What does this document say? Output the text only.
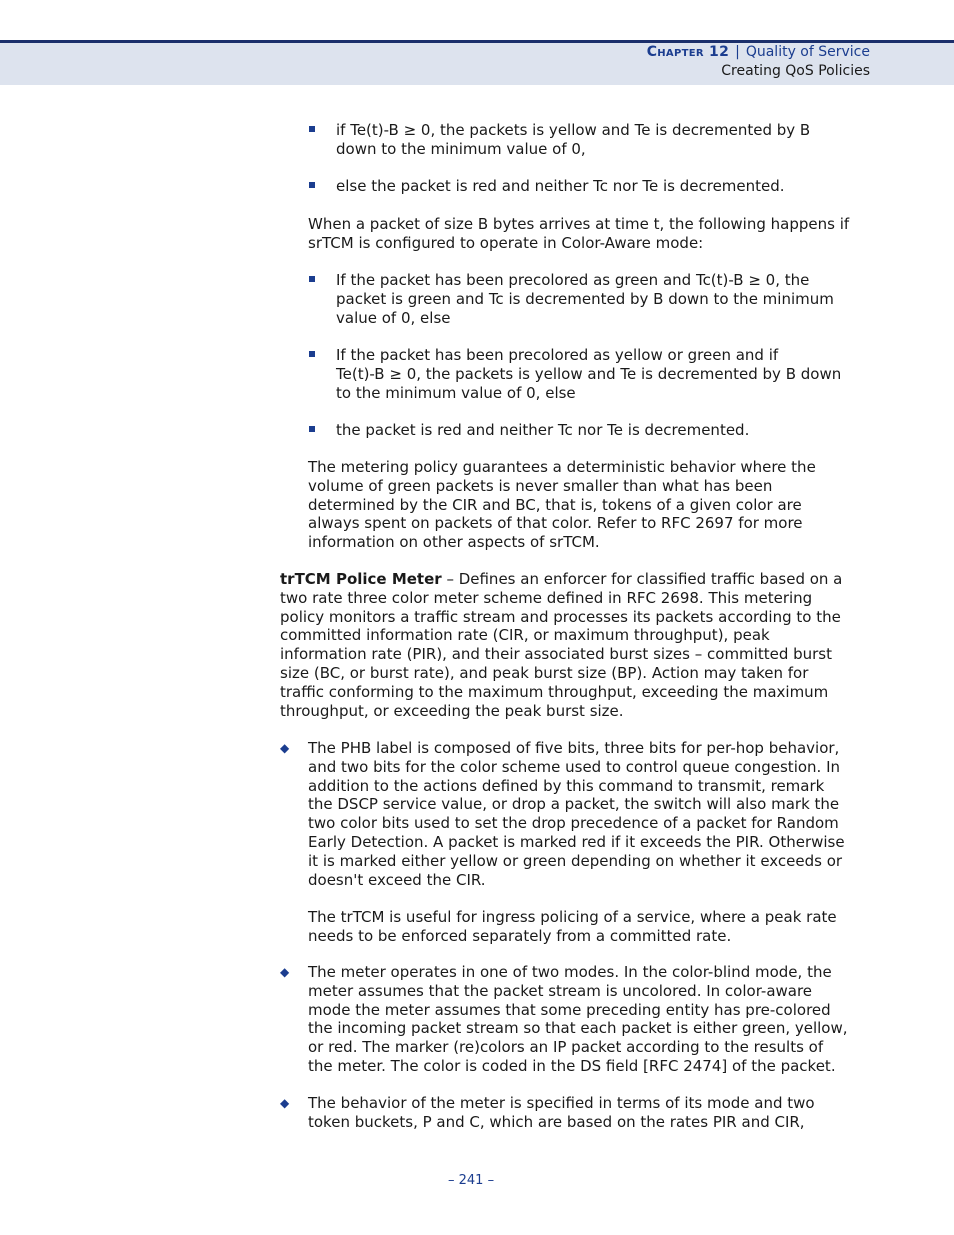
Chapter 12 | Quality of Service
Creating QoS Policies
if Te(t)-B ≥ 0, the packets is yellow and Te is decremented by B
down to the minimum value of 0,
else the packet is red and neither Tc nor Te is decremented.
When a packet of size B bytes arrives at time t, the following happens if
srTCM is configured to operate in Color-Aware mode:
If the packet has been precolored as green and Tc(t)-B ≥ 0, the
packet is green and Tc is decremented by B down to the minimum
value of 0, else
If the packet has been precolored as yellow or green and if
Te(t)-B ≥ 0, the packets is yellow and Te is decremented by B down
to the minimum value of 0, else
the packet is red and neither Tc nor Te is decremented.
The metering policy guarantees a deterministic behavior where the
volume of green packets is never smaller than what has been
determined by the CIR and BC, that is, tokens of a given color are
always spent on packets of that color. Refer to RFC 2697 for more
information on other aspects of srTCM.
trTCM Police Meter – Defines an enforcer for classified traffic based on a
two rate three color meter scheme defined in RFC 2698. This metering
policy monitors a traffic stream and processes its packets according to the
committed information rate (CIR, or maximum throughput), peak
information rate (PIR), and their associated burst sizes – committed burst
size (BC, or burst rate), and peak burst size (BP). Action may taken for
traffic conforming to the maximum throughput, exceeding the maximum
throughput, or exceeding the peak burst size.
◆ The PHB label is composed of five bits, three bits for per-hop behavior,
and two bits for the color scheme used to control queue congestion. In
addition to the actions defined by this command to transmit, remark
the DSCP service value, or drop a packet, the switch will also mark the
two color bits used to set the drop precedence of a packet for Random
Early Detection. A packet is marked red if it exceeds the PIR. Otherwise
it is marked either yellow or green depending on whether it exceeds or
doesn't exceed the CIR.
The trTCM is useful for ingress policing of a service, where a peak rate
needs to be enforced separately from a committed rate.
◆ The meter operates in one of two modes. In the color-blind mode, the
meter assumes that the packet stream is uncolored. In color-aware
mode the meter assumes that some preceding entity has pre-colored
the incoming packet stream so that each packet is either green, yellow,
or red. The marker (re)colors an IP packet according to the results of
the meter. The color is coded in the DS field [RFC 2474] of the packet.
◆ The behavior of the meter is specified in terms of its mode and two
token buckets, P and C, which are based on the rates PIR and CIR,
– 241 –
